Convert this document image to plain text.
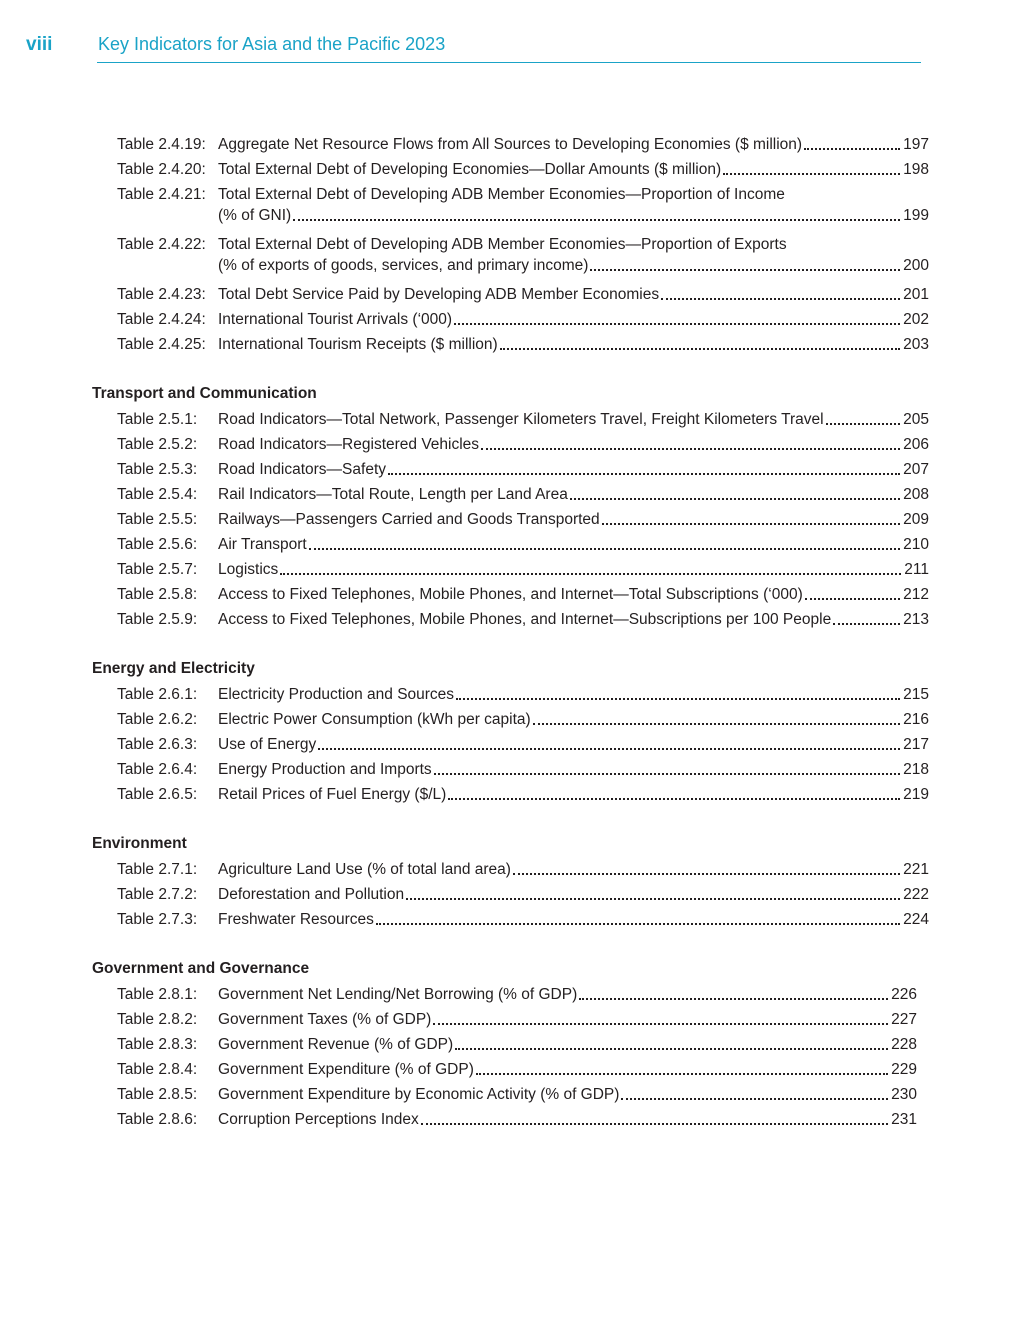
viii	Key Indicators for Asia and the Pacific 2023
Table 2.4.19: Aggregate Net Resource Flows from All Sources to Developing Economies ($ million)	197
Table 2.4.20: Total External Debt of Developing Economies—Dollar Amounts ($ million)	198
Table 2.4.21: Total External Debt of Developing ADB Member Economies—Proportion of Income
(% of GNI)	199
Table 2.4.22: Total External Debt of Developing ADB Member Economies—Proportion of Exports
(% of exports of goods, services, and primary income)	200
Table 2.4.23: Total Debt Service Paid by Developing ADB Member Economies	201
Table 2.4.24: International Tourist Arrivals (‘000)	202
Table 2.4.25: International Tourism Receipts ($ million)	203
Transport and Communication
Table 2.5.1:	Road Indicators—Total Network, Passenger Kilometers Travel, Freight Kilometers Travel	205
Table 2.5.2:	Road Indicators—Registered Vehicles	206
Table 2.5.3:	Road Indicators—Safety	207
Table 2.5.4:	Rail Indicators—Total Route, Length per Land Area	208
Table 2.5.5:	Railways—Passengers Carried and Goods Transported	209
Table 2.5.6:	Air Transport	210
Table 2.5.7:	Logistics	211
Table 2.5.8:	Access to Fixed Telephones, Mobile Phones, and Internet—Total Subscriptions (‘000)	212
Table 2.5.9:	Access to Fixed Telephones, Mobile Phones, and Internet—Subscriptions per 100 People	213
Energy and Electricity
Table 2.6.1:	Electricity Production and Sources	215
Table 2.6.2:	Electric Power Consumption (kWh per capita)	216
Table 2.6.3:	Use of Energy	217
Table 2.6.4:	Energy Production and Imports	218
Table 2.6.5:	Retail Prices of Fuel Energy ($/L)	219
Environment
Table 2.7.1:	Agriculture Land Use (% of total land area)	221
Table 2.7.2:	Deforestation and Pollution	222
Table 2.7.3:	Freshwater Resources	224
Government and Governance
Table 2.8.1:	Government Net Lending/Net Borrowing (% of GDP)	226
Table 2.8.2:	Government Taxes (% of GDP)	227
Table 2.8.3:	Government Revenue (% of GDP)	228
Table 2.8.4:	Government Expenditure (% of GDP)	229
Table 2.8.5:	Government Expenditure by Economic Activity (% of GDP)	230
Table 2.8.6:	Corruption Perceptions Index	231
